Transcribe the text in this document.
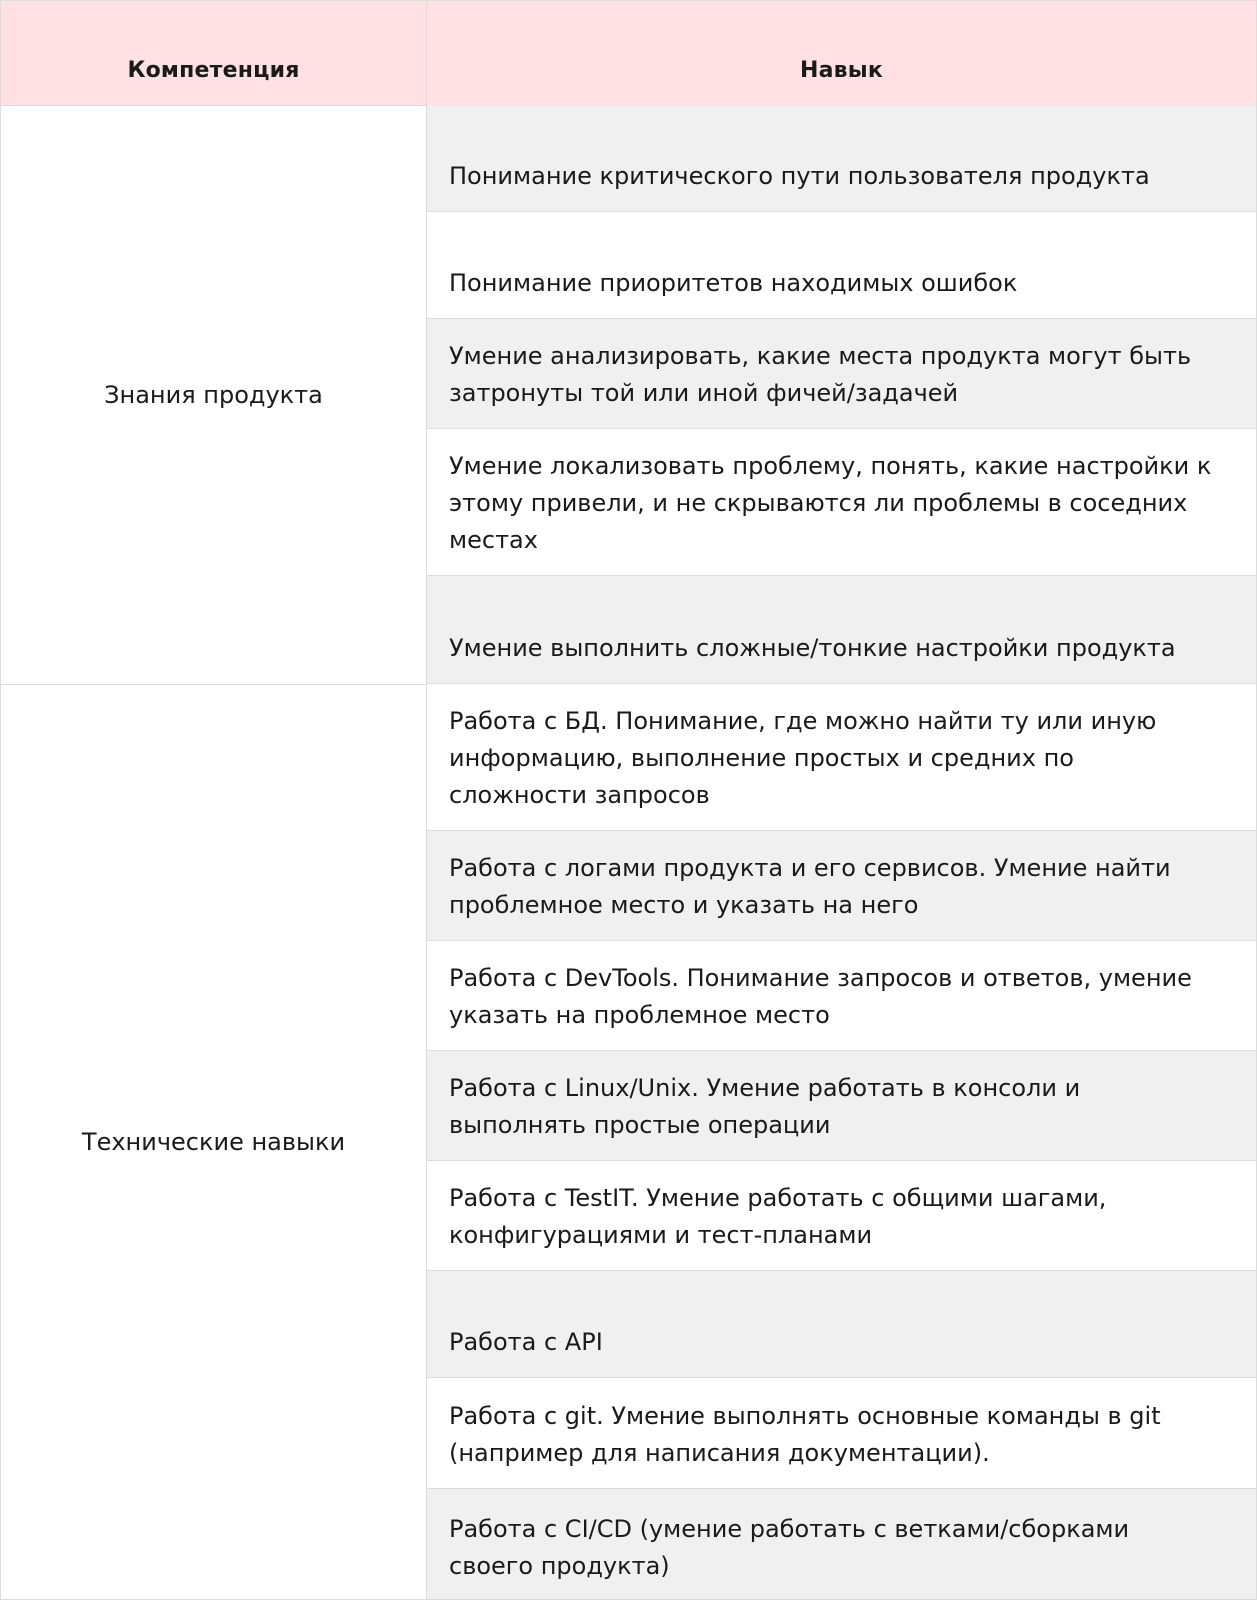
Компетенция	Навык
Знания продукта
Технические навыки
Понимание критического пути пользователя продукта
Понимание приоритетов находимых ошибок
Умение анализировать, какие места продукта могут быть затронуты той или иной фичей/задачей
Умение локализовать проблему, понять, какие настройки к этому привели, и не скрываются ли проблемы в соседних местах
Умение выполнить сложные/тонкие настройки продукта
Работа с БД. Понимание, где можно найти ту или иную информацию, выполнение простых и средних по сложности запросов
Работа с логами продукта и его сервисов. Умение найти проблемное место и указать на него
Работа с DevTools. Понимание запросов и ответов, умение указать на проблемное место
Работа с Linux/Unix. Умение работать в консоли и выполнять простые операции
Работа с TestIT. Умение работать с общими шагами, конфигурациями и тест-планами
Работа с API
Работа с git. Умение выполнять основные команды в git (например для написания документации).
Работа с CI/CD (умение работать с ветками/сборками своего продукта)
